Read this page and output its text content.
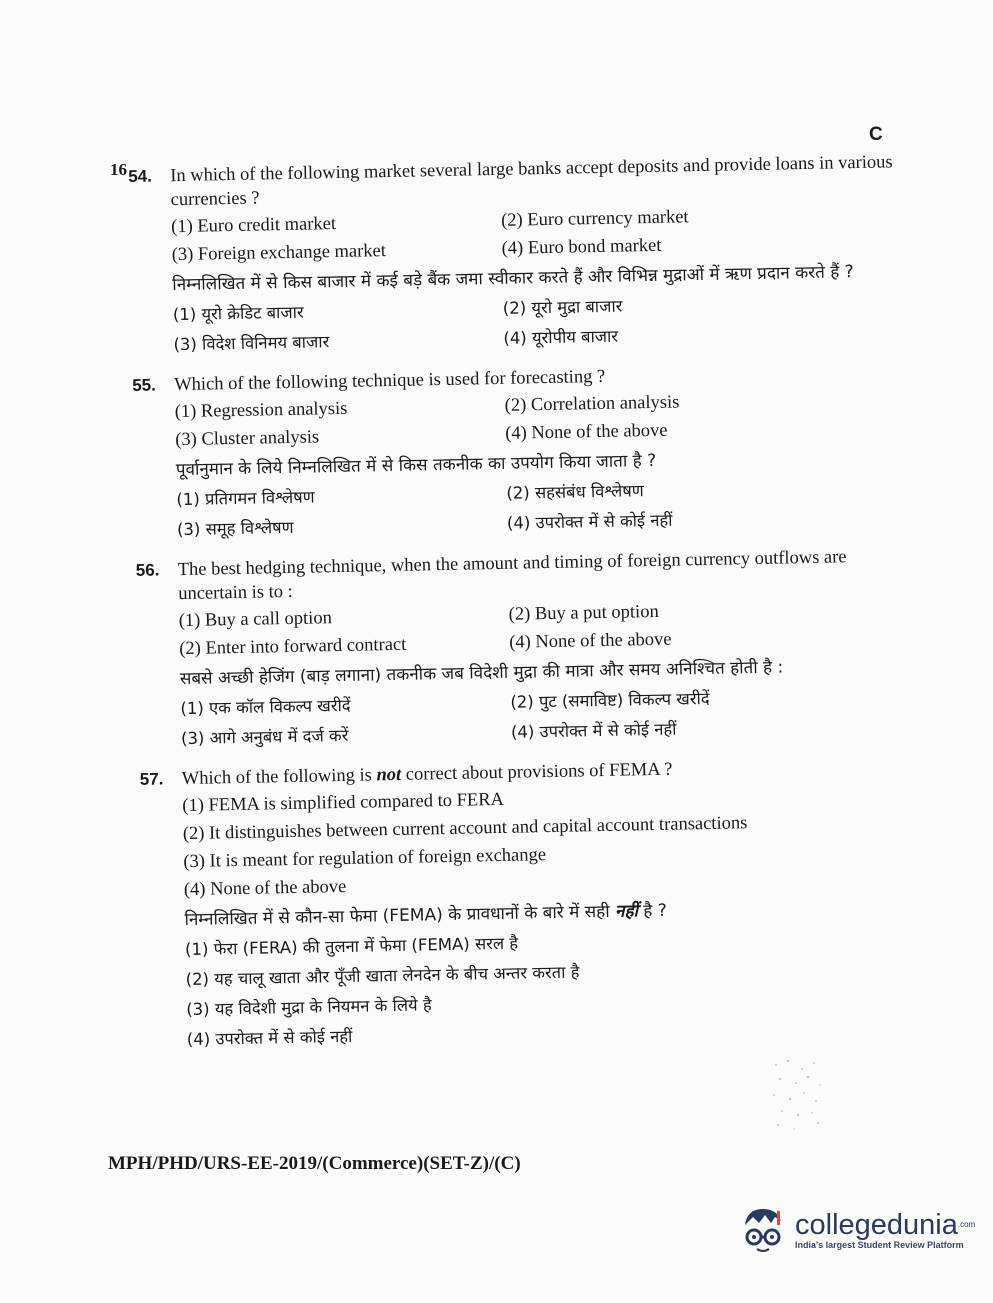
C
16 54. In which of the following market several large banks accept deposits and provide loans in various currencies ?
(1) Euro credit market	(2) Euro currency market
(3) Foreign exchange market	(4) Euro bond market
निम्नलिखित में से किस बाजार में कई बड़े बैंक जमा स्वीकार करते हैं और विभिन्न मुद्राओं में ऋण प्रदान करते हैं ?
(1) यूरो क्रेडिट बाजार	(2) यूरो मुद्रा बाजार
(3) विदेश विनिमय बाजार	(4) यूरोपीय बाजार
55. Which of the following technique is used for forecasting ?
(1) Regression analysis	(2) Correlation analysis
(3) Cluster analysis	(4) None of the above
पूर्वानुमान के लिये निम्नलिखित में से किस तकनीक का उपयोग किया जाता है ?
(1) प्रतिगमन विश्लेषण	(2) सहसंबंध विश्लेषण
(3) समूह विश्लेषण	(4) उपरोक्त में से कोई नहीं
56. The best hedging technique, when the amount and timing of foreign currency outflows are uncertain is to :
(1) Buy a call option	(2) Buy a put option
(2) Enter into forward contract	(4) None of the above
सबसे अच्छी हेजिंग (बाड़ लगाना) तकनीक जब विदेशी मुद्रा की मात्रा और समय अनिश्चित होती है :
(1) एक कॉल विकल्प खरीदें	(2) पुट (समाविष्ट) विकल्प खरीदें
(3) आगे अनुबंध में दर्ज करें	(4) उपरोक्त में से कोई नहीं
57. Which of the following is not correct about provisions of FEMA ?
(1) FEMA is simplified compared to FERA
(2) It distinguishes between current account and capital account transactions
(3) It is meant for regulation of foreign exchange
(4) None of the above
निम्नलिखित में से कौन-सा फेमा (FEMA) के प्रावधानों के बारे में सही नहीं है ?
(1) फेरा (FERA) की तुलना में फेमा (FEMA) सरल है
(2) यह चालू खाता और पूँजी खाता लेनदेन के बीच अन्तर करता है
(3) यह विदेशी मुद्रा के नियमन के लिये है
(4) उपरोक्त में से कोई नहीं
MPH/PHD/URS-EE-2019/(Commerce)(SET-Z)/(C)
collegedunia$^{.com}$
India's largest Student Review Platform
